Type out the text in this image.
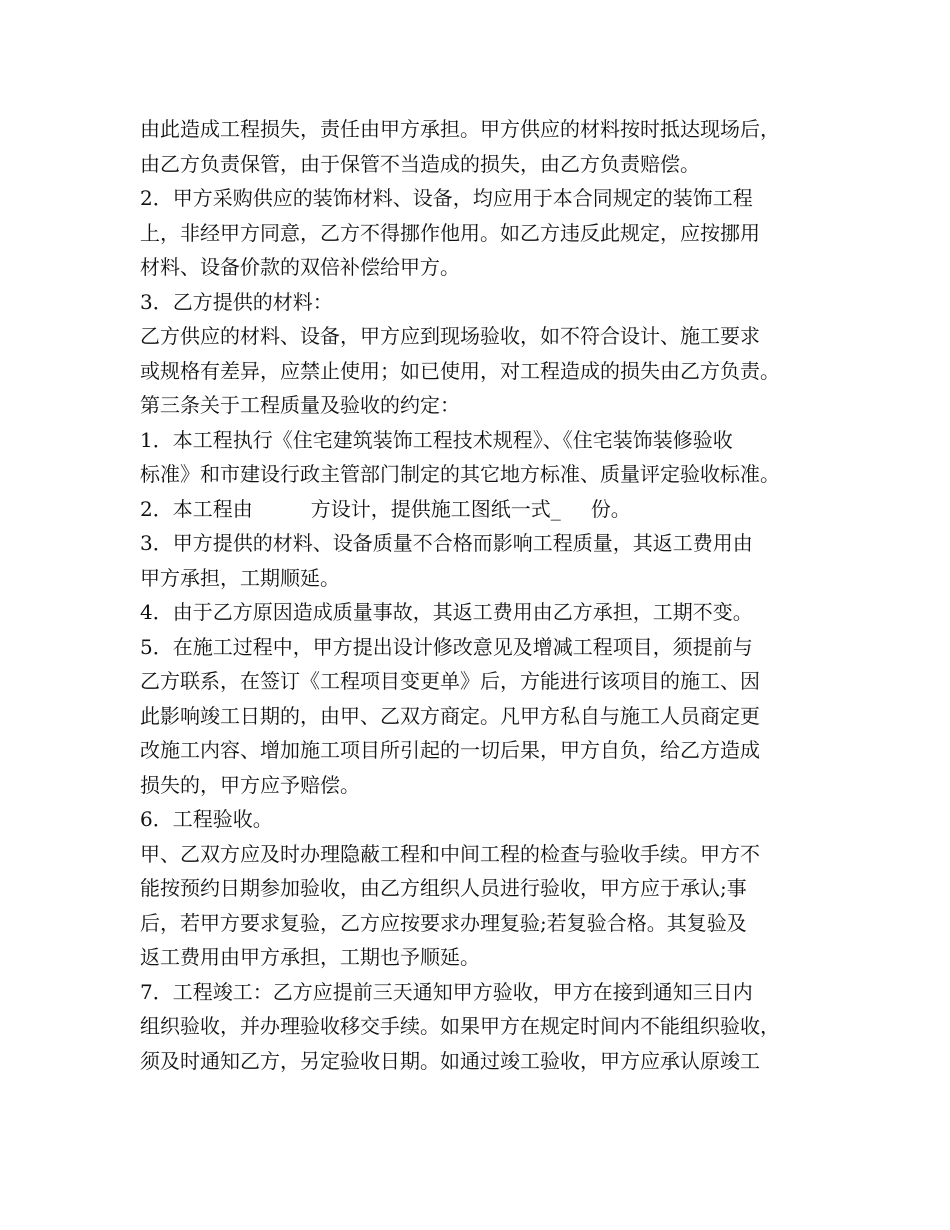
由此造成工程损失，责任由甲方承担。甲方供应的材料按时抵达现场后，
由乙方负责保管，由于保管不当造成的损失，由乙方负责赔偿。
2．甲方采购供应的装饰材料、设备，均应用于本合同规定的装饰工程
上，非经甲方同意，乙方不得挪作他用。如乙方违反此规定，应按挪用
材料、设备价款的双倍补偿给甲方。
3．乙方提供的材料：
乙方供应的材料、设备，甲方应到现场验收，如不符合设计、施工要求
或规格有差异，应禁止使用；如已使用，对工程造成的损失由乙方负责。
第三条关于工程质量及验收的约定：
1．本工程执行《住宅建筑装饰工程技术规程》、《住宅装饰装修验收
标准》和市建设行政主管部门制定的其它地方标准、质量评定验收标准。
2．本工程由	方设计，提供施工图纸一式_ 份。
3．甲方提供的材料、设备质量不合格而影响工程质量，其返工费用由
甲方承担，工期顺延。
4．由于乙方原因造成质量事故，其返工费用由乙方承担，工期不变。
5．在施工过程中，甲方提出设计修改意见及增减工程项目，须提前与
乙方联系，在签订《工程项目变更单》后，方能进行该项目的施工、因
此影响竣工日期的，由甲、乙双方商定。凡甲方私自与施工人员商定更
改施工内容、增加施工项目所引起的一切后果，甲方自负，给乙方造成
损失的，甲方应予赔偿。
6．工程验收。
甲、乙双方应及时办理隐蔽工程和中间工程的检查与验收手续。甲方不
能按预约日期参加验收，由乙方组织人员进行验收，甲方应于承认;事
后，若甲方要求复验，乙方应按要求办理复验;若复验合格。其复验及
返工费用由甲方承担，工期也予顺延。
7．工程竣工：乙方应提前三天通知甲方验收，甲方在接到通知三日内
组织验收，并办理验收移交手续。如果甲方在规定时间内不能组织验收，
须及时通知乙方，另定验收日期。如通过竣工验收，甲方应承认原竣工
